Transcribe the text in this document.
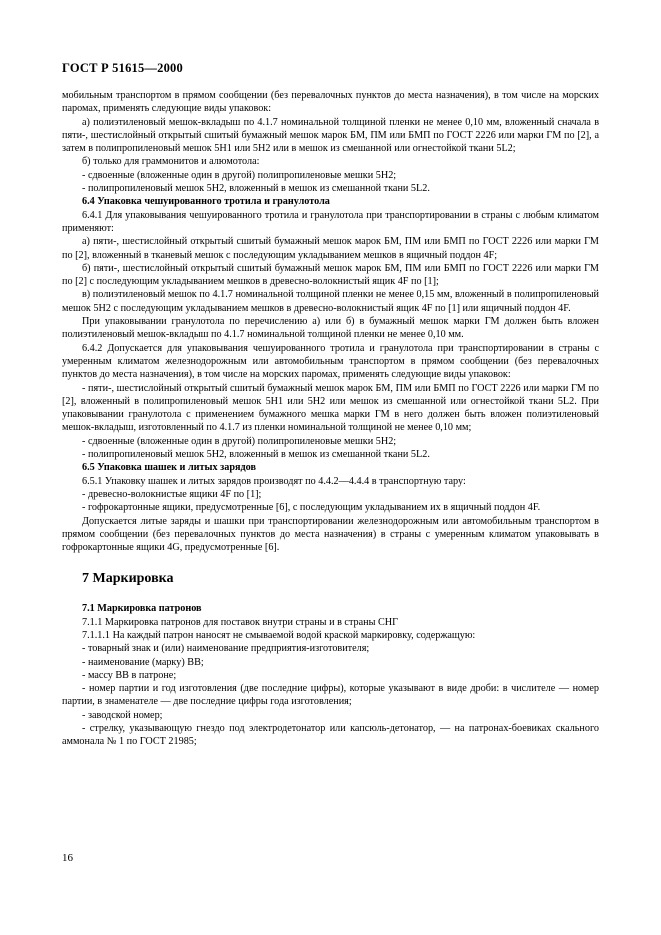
ГОСТ Р 51615—2000

мобильным транспортом в прямом сообщении (без перевалочных пунктов до места назначения), в том числе на морских паромах, применять следующие виды упаковок:

а) полиэтиленовый мешок-вкладыш по 4.1.7 номинальной толщиной пленки не менее 0,10 мм, вложенный сначала в пяти-, шестислойный открытый сшитый бумажный мешок марок БМ, ПМ или БМП по ГОСТ 2226 или марки ГМ по [2], а затем в полипропиленовый мешок 5Н1 или 5Н2 или в мешок из смешанной или огнестойкой ткани 5L2;

б) только для граммонитов и алюмотола:

- сдвоенные (вложенные один в другой) полипропиленовые мешки 5Н2;

- полипропиленовый мешок 5Н2, вложенный в мешок из смешанной ткани 5L2.

6.4 Упаковка чешуированного тротила и гранулотола

6.4.1 Для упаковывания чешуированного тротила и гранулотола при транспортировании в страны с любым климатом применяют:

а) пяти-, шестислойный открытый сшитый бумажный мешок марок БМ, ПМ или БМП по ГОСТ 2226 или марки ГМ по [2], вложенный в тканевый мешок с последующим укладыванием мешков в ящичный поддон 4F;

б) пяти-, шестислойный открытый сшитый бумажный мешок марок БМ, ПМ или БМП по ГОСТ 2226 или марки ГМ по [2] с последующим укладыванием мешков в древесно-волокнистый ящик 4F по [1];

в) полиэтиленовый мешок по 4.1.7 номинальной толщиной пленки не менее 0,15 мм, вложенный в полипропиленовый мешок 5Н2 с последующим укладыванием мешков в древесно-волокнистый ящик 4F по [1] или ящичный поддон 4F.

При упаковывании гранулотола по перечислению а) или б) в бумажный мешок марки ГМ должен быть вложен полиэтиленовый мешок-вкладыш по 4.1.7 номинальной толщиной пленки не менее 0,10 мм.

6.4.2 Допускается для упаковывания чешуированного тротила и гранулотола при транспортировании в страны с умеренным климатом железнодорожным или автомобильным транспортом в прямом сообщении (без перевалочных пунктов до места назначения), в том числе на морских паромах, применять следующие виды упаковок:

- пяти-, шестислойный открытый сшитый бумажный мешок марок БМ, ПМ или БМП по ГОСТ 2226 или марки ГМ по [2], вложенный в полипропиленовый мешок 5Н1 или 5Н2 или мешок из смешанной или огнестойкой ткани 5L2. При упаковывании гранулотола с применением бумажного мешка марки ГМ в него должен быть вложен полиэтиленовый мешок-вкладыш, изготовленный по 4.1.7 из пленки номинальной толщиной не менее 0,10 мм;

- сдвоенные (вложенные один в другой) полипропиленовые мешки 5Н2;

- полипропиленовый мешок 5Н2, вложенный в мешок из смешанной ткани 5L2.

6.5 Упаковка шашек и литых зарядов

6.5.1 Упаковку шашек и литых зарядов производят по 4.4.2—4.4.4 в транспортную тару:

- древесно-волокнистые ящики 4F по [1];

- гофрокартонные ящики, предусмотренные [6], с последующим укладыванием их в ящичный поддон 4F.

Допускается литые заряды и шашки при транспортировании железнодорожным или автомобильным транспортом в прямом сообщении (без перевалочных пунктов до места назначения) в страны с умеренным климатом упаковывать в гофрокартонные ящики 4G, предусмотренные [6].

7 Маркировка

7.1 Маркировка патронов

7.1.1 Маркировка патронов для поставок внутри страны и в страны СНГ

7.1.1.1 На каждый патрон наносят не смываемой водой краской маркировку, содержащую:

- товарный знак и (или) наименование предприятия-изготовителя;

- наименование (марку) ВВ;

- массу ВВ в патроне;

- номер партии и год изготовления (две последние цифры), которые указывают в виде дроби: в числителе — номер партии, в знаменателе — две последние цифры года изготовления;

- заводской номер;

- стрелку, указывающую гнездо под электродетонатор или капсюль-детонатор, — на патронах-боевиках скального аммонала № 1 по ГОСТ 21985;

16
